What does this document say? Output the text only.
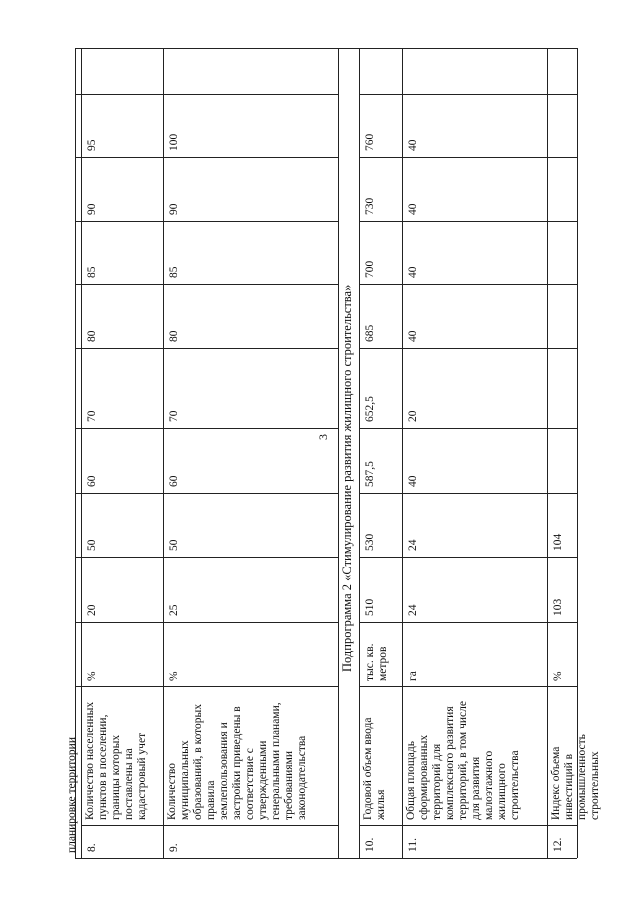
3
планировке территории 8.
Количество населенных пунктов в поселении, границы которых поставлены на кадастровый учет
%
20
50
60
70
80
85
90
95
9.
Количество муниципальных образований, в которых правила землепользования и застройки приведены в соответствие с утвержденными генеральными планами, требованиями законодательства
%
25
50
60
70
80
85
90
100
10.
Годовой объем ввода жилья
тыс. кв. метров
510
530
587,5
652,5
685
700
730
760
11.
Общая площадь сформированных территорий для комплексного развития территорий, в том числе для развития малоэтажного жилищного строительства
га
24
24
40
20
40
40
40
40
12.
Индекс объема инвестиций в промышленность строительных
%
103
104
Подпрограмма 2 «Стимулирование развития жилищного строительства»
